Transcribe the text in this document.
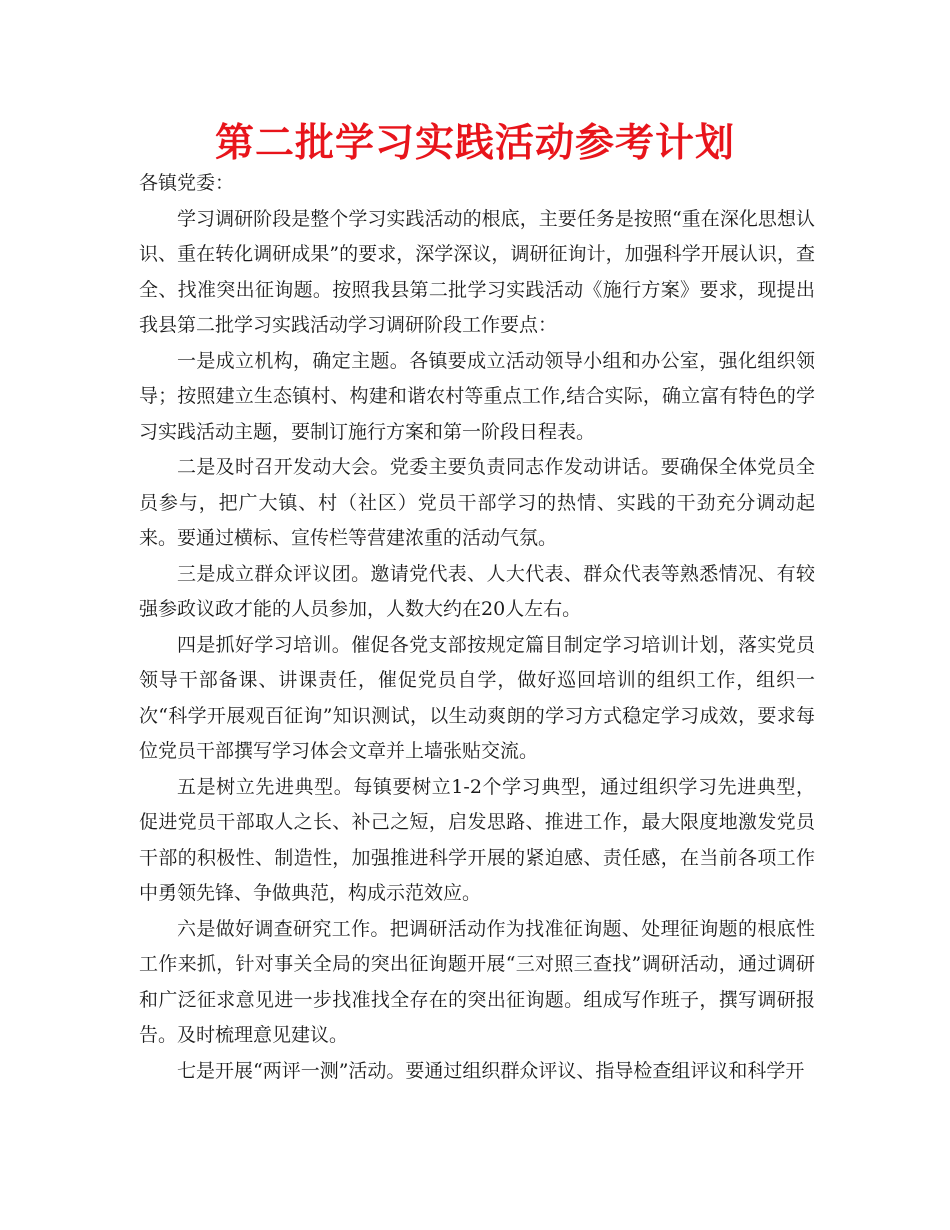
第二批学习实践活动参考计划

各镇党委：

学习调研阶段是整个学习实践活动的根底，主要任务是按照“重在深化思想认识、重在转化调研成果”的要求，深学深议，调研征询计，加强科学开展认识，查全、找准突出征询题。按照我县第二批学习实践活动《施行方案》要求，现提出我县第二批学习实践活动学习调研阶段工作要点：

一是成立机构，确定主题。各镇要成立活动领导小组和办公室，强化组织领导；按照建立生态镇村、构建和谐农村等重点工作,结合实际，确立富有特色的学习实践活动主题，要制订施行方案和第一阶段日程表。

二是及时召开发动大会。党委主要负责同志作发动讲话。要确保全体党员全员参与，把广大镇、村（社区）党员干部学习的热情、实践的干劲充分调动起来。要通过横标、宣传栏等营建浓重的活动气氛。

三是成立群众评议团。邀请党代表、人大代表、群众代表等熟悉情况、有较强参政议政才能的人员参加，人数大约在20人左右。

四是抓好学习培训。催促各党支部按规定篇目制定学习培训计划，落实党员领导干部备课、讲课责任，催促党员自学，做好巡回培训的组织工作，组织一次“科学开展观百征询”知识测试，以生动爽朗的学习方式稳定学习成效，要求每位党员干部撰写学习体会文章并上墙张贴交流。

五是树立先进典型。每镇要树立1-2个学习典型，通过组织学习先进典型，促进党员干部取人之长、补己之短，启发思路、推进工作，最大限度地激发党员干部的积极性、制造性，加强推进科学开展的紧迫感、责任感，在当前各项工作中勇领先锋、争做典范，构成示范效应。

六是做好调查研究工作。把调研活动作为找准征询题、处理征询题的根底性工作来抓，针对事关全局的突出征询题开展“三对照三查找”调研活动，通过调研和广泛征求意见进一步找准找全存在的突出征询题。组成写作班子，撰写调研报告。及时梳理意见建议。

七是开展“两评一测”活动。要通过组织群众评议、指导检查组评议和科学开
